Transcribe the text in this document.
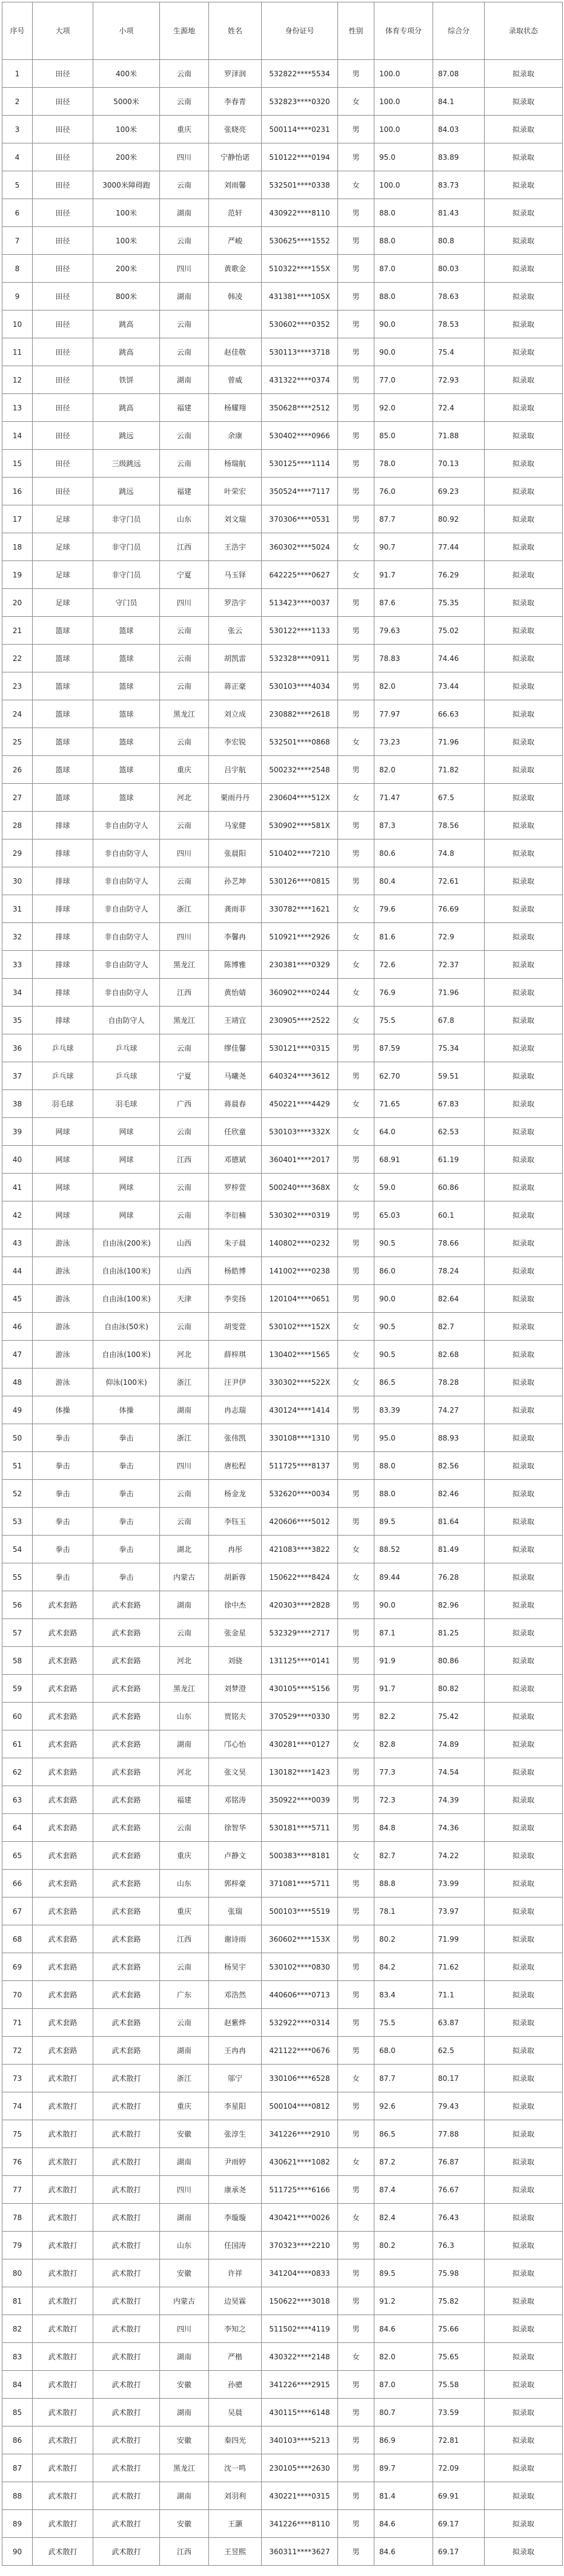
序号	大项	小项	生源地	姓名	身份证号	性别	体育专项分	综合分	录取状态
1	田径	400米	云南	罗泽润	532822****5534	男	100.0	87.08	拟录取
2	田径	5000米	云南	李春青	532823****0320	女	100.0	84.1	拟录取
3	田径	100米	重庆	张晓亮	500114****0231	男	100.0	84.03	拟录取
4	田径	200米	四川	宁静怡诺	510122****0194	男	95.0	83.89	拟录取
5	田径	3000米障碍跑	云南	刘雨馨	532501****0338	女	100.0	83.73	拟录取
6	田径	100米	湖南	范轩	430922****8110	男	88.0	81.43	拟录取
7	田径	100米	云南	严峻	530625****1552	男	88.0	80.8	拟录取
8	田径	200米	四川	黄歌金	510322****155X	男	87.0	80.03	拟录取
9	田径	800米	湖南	韩凌	431381****105X	男	88.0	78.63	拟录取
10	田径	跳高	云南		530602****0352	男	90.0	78.53	拟录取
11	田径	跳高	云南	赵佳敬	530113****3718	男	90.0	75.4	拟录取
12	田径	铁饼	湖南	曾威	431322****0374	男	77.0	72.93	拟录取
13	田径	跳高	福建	杨耀翔	350628****2512	男	92.0	72.4	拟录取
14	田径	跳远	云南	余康	530402****0966	男	85.0	71.88	拟录取
15	田径	三级跳远	云南	杨瑞航	530125****1114	男	78.0	70.13	拟录取
16	田径	跳远	福建	叶荣宏	350524****7117	男	76.0	69.23	拟录取
17	足球	非守门员	山东	刘文瑞	370306****0531	男	87.7	80.92	拟录取
18	足球	非守门员	江西	王浩宇	360302****5024	女	90.7	77.44	拟录取
19	足球	非守门员	宁夏	马玉铎	642225****0627	女	91.7	76.29	拟录取
20	足球	守门员	四川	罗浩宇	513423****0037	男	87.6	75.35	拟录取
21	篮球	篮球	云南	张云	530122****1133	男	79.63	75.02	拟录取
22	篮球	篮球	云南	胡凯雷	532328****0911	男	78.83	74.46	拟录取
23	篮球	篮球	云南	蒋正豪	530103****4034	男	82.0	73.44	拟录取
24	篮球	篮球	黑龙江	刘立成	230882****2618	男	77.97	66.63	拟录取
25	篮球	篮球	云南	李宏锐	532501****0868	女	73.23	71.96	拟录取
26	篮球	篮球	重庆	吕宇航	500232****2548	男	82.0	71.82	拟录取
27	篮球	篮球	河北	栗雨丹丹	230604****512X	女	71.47	67.5	拟录取
28	排球	非自由防守人	云南	马家健	530902****581X	男	87.3	78.56	拟录取
29	排球	非自由防守人	四川	张晨阳	510402****7210	男	80.6	74.8	拟录取
30	排球	非自由防守人	云南	孙艺坤	530126****0815	男	80.4	72.61	拟录取
31	排球	非自由防守人	浙江	龚雨菲	330782****1621	女	79.6	76.69	拟录取
32	排球	非自由防守人	四川	李馨冉	510921****2926	女	81.6	72.9	拟录取
33	排球	非自由防守人	黑龙江	陈博雅	230381****0329	女	72.6	72.37	拟录取
34	排球	非自由防守人	江西	黄怡婧	360902****0244	女	76.9	71.96	拟录取
35	排球	自由防守人	黑龙江	王靖宜	230905****2522	女	75.5	67.8	拟录取
36	乒乓球	乒乓球	云南	缪佳馨	530121****0315	男	87.59	75.34	拟录取
37	乒乓球	乒乓球	宁夏	马曦尧	640324****3612	男	62.70	59.51	拟录取
38	羽毛球	羽毛球	广西	蒋晨春	450221****4429	女	71.65	67.83	拟录取
39	网球	网球	云南	任欣童	530103****332X	女	64.0	62.53	拟录取
40	网球	网球	江西	邓德斌	360401****2017	男	68.91	61.19	拟录取
41	网球	网球	云南	罗梓萱	500240****368X	女	59.0	60.86	拟录取
42	网球	网球	云南	李衍楠	530302****0319	男	65.03	60.1	拟录取
43	游泳	自由泳(200米)	山西	朱子晨	140802****0232	男	90.5	78.66	拟录取
44	游泳	自由泳(100米)	山西	杨皓博	141002****0238	男	86.0	78.24	拟录取
45	游泳	自由泳(100米)	天津	李奕扬	120104****0651	男	90.0	82.64	拟录取
46	游泳	自由泳(50米)	云南	胡雯萱	530102****152X	女	90.5	82.7	拟录取
47	游泳	自由泳(100米)	河北	薛梓琪	130402****1565	女	90.5	82.68	拟录取
48	游泳	仰泳(100米)	浙江	汪尹伊	330302****522X	女	86.5	78.28	拟录取
49	体操	体操	湖南	冉志瑞	430124****1414	男	83.39	74.27	拟录取
50	拳击	拳击	浙江	张伟凯	330108****1310	男	95.0	88.93	拟录取
51	拳击	拳击	四川	唐松程	511725****8137	男	88.0	82.56	拟录取
52	拳击	拳击	云南	杨金龙	532620****0034	男	88.0	82.46	拟录取
53	拳击	拳击	云南	李钰玉	420606****5012	男	89.5	81.64	拟录取
54	拳击	拳击	湖北	冉彤	421083****3822	女	88.52	81.49	拟录取
55	拳击	拳击	内蒙古	胡新蓉	150622****8424	女	89.44	76.28	拟录取
56	武术套路	武术套路	湖南	徐中杰	420303****2828	男	90.0	82.96	拟录取
57	武术套路	武术套路	云南	张金星	532329****2717	男	87.1	81.25	拟录取
58	武术套路	武术套路	河北	刘骁	131125****0141	男	91.9	80.86	拟录取
59	武术套路	武术套路	黑龙江	刘梦澄	430105****5156	男	91.7	80.82	拟录取
60	武术套路	武术套路	山东	贾铭夫	370529****0330	男	82.2	75.42	拟录取
61	武术套路	武术套路	湖南	邝心怡	430281****0127	女	82.8	74.89	拟录取
62	武术套路	武术套路	河北	张文昊	130182****1423	男	77.3	74.54	拟录取
63	武术套路	武术套路	福建	邓铭涛	350922****0039	男	72.3	74.39	拟录取
64	武术套路	武术套路	云南	徐智华	530181****5711	男	84.8	74.36	拟录取
65	武术套路	武术套路	重庆	卢静文	500383****8181	女	82.7	74.22	拟录取
66	武术套路	武术套路	山东	郭梓豪	371081****5711	男	88.8	73.99	拟录取
67	武术套路	武术套路	重庆	张瑞	500103****5519	男	78.1	73.97	拟录取
68	武术套路	武术套路	江西	谢诗雨	360602****153X	男	80.2	71.99	拟录取
69	武术套路	武术套路	云南	杨昊宇	530102****0830	男	84.2	71.62	拟录取
70	武术套路	武术套路	广东	邓浩然	440606****0713	男	83.4	71.1	拟录取
71	武术套路	武术套路	云南	赵紫烨	532922****0314	男	75.5	63.87	拟录取
72	武术套路	武术套路	湖南	王冉冉	421122****0676	男	68.0	62.5	拟录取
73	武术散打	武术散打	浙江	邬宁	330106****6528	女	87.7	80.17	拟录取
74	武术散打	武术散打	重庆	李星阳	500104****0812	男	92.6	79.43	拟录取
75	武术散打	武术散打	安徽	张淳生	341226****2910	男	86.5	77.88	拟录取
76	武术散打	武术散打	湖南	尹雨婷	430621****1082	女	87.2	76.87	拟录取
77	武术散打	武术散打	四川	康承尧	511725****6166	男	87.4	76.67	拟录取
78	武术散打	武术散打	湖南	李璇璇	430421****0026	女	82.4	76.43	拟录取
79	武术散打	武术散打	山东	任国涛	370323****2210	男	80.2	76.3	拟录取
80	武术散打	武术散打	安徽	许祥	341204****0833	男	89.5	75.98	拟录取
81	武术散打	武术散打	内蒙古	边昊霖	150622****3018	男	91.2	75.82	拟录取
82	武术散打	武术散打	四川	李知之	511502****4119	男	84.6	75.66	拟录取
83	武术散打	武术散打	湖南	严楷	430322****2148	女	82.0	75.65	拟录取
84	武术散打	武术散打	安徽	孙骢	341226****2915	男	87.0	75.58	拟录取
85	武术散打	武术散打	湖南	吴晨	430115****6148	男	80.7	73.59	拟录取
86	武术散打	武术散打	安徽	秦四光	340103****5213	男	86.9	72.81	拟录取
87	武术散打	武术散打	黑龙江	沈一鸣	230105****2630	男	89.7	72.09	拟录取
88	武术散打	武术散打	湖南	刘羽利	430221****0315	男	81.4	69.91	拟录取
89	武术散打	武术散打	安徽	王灏	341226****8110	男	84.6	69.17	拟录取
90	武术散打	武术散打	江西	王昱熙	360311****3627	男	84.6	69.17	拟录取
